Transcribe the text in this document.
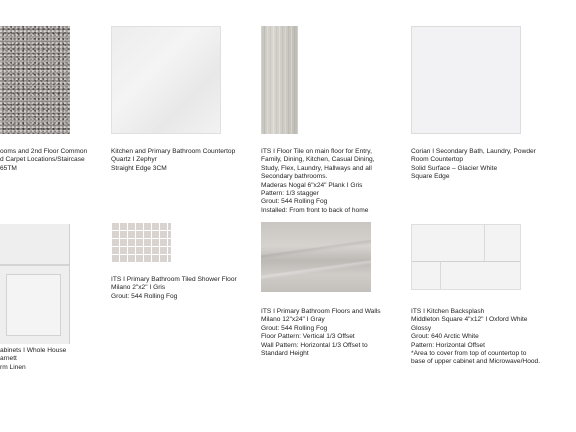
ooms and 2nd Floor Common
d Carpet Locations/Staircase
65TM
Kitchen and Primary Bathroom Countertop
Quartz I Zephyr
Straight Edge 3CM
ITS I Floor Tile on main floor for Entry,
Family, Dining, Kitchen, Casual Dining,
Study, Flex, Laundry, Hallways and all
Secondary bathrooms.
Maderas Nogal 6"x24" Plank I Gris
Pattern: 1/3 stagger
Grout: 544 Rolling Fog
Installed: From front to back of home
Corian I Secondary Bath, Laundry, Powder
Room Countertop
Solid Surface – Glacier White
Square Edge
abinets I Whole House
arnett
rm Linen
ITS I Primary Bathroom Tiled Shower Floor
Milano 2"x2" I Gris
Grout: 544 Rolling Fog
ITS I Primary Bathroom Floors and Walls
Milano 12"x24" I Gray
Grout: 544 Rolling Fog
Floor Pattern: Vertical 1/3 Offset
Wall Pattern: Horizontal 1/3 Offset to
Standard Height
ITS I Kitchen Backsplash
Middleton Square 4"x12" I Oxford White
Glossy
Grout: 640 Arctic White
Pattern: Horizontal Offset
*Area to cover from top of countertop to
base of upper cabinet and Microwave/Hood.
